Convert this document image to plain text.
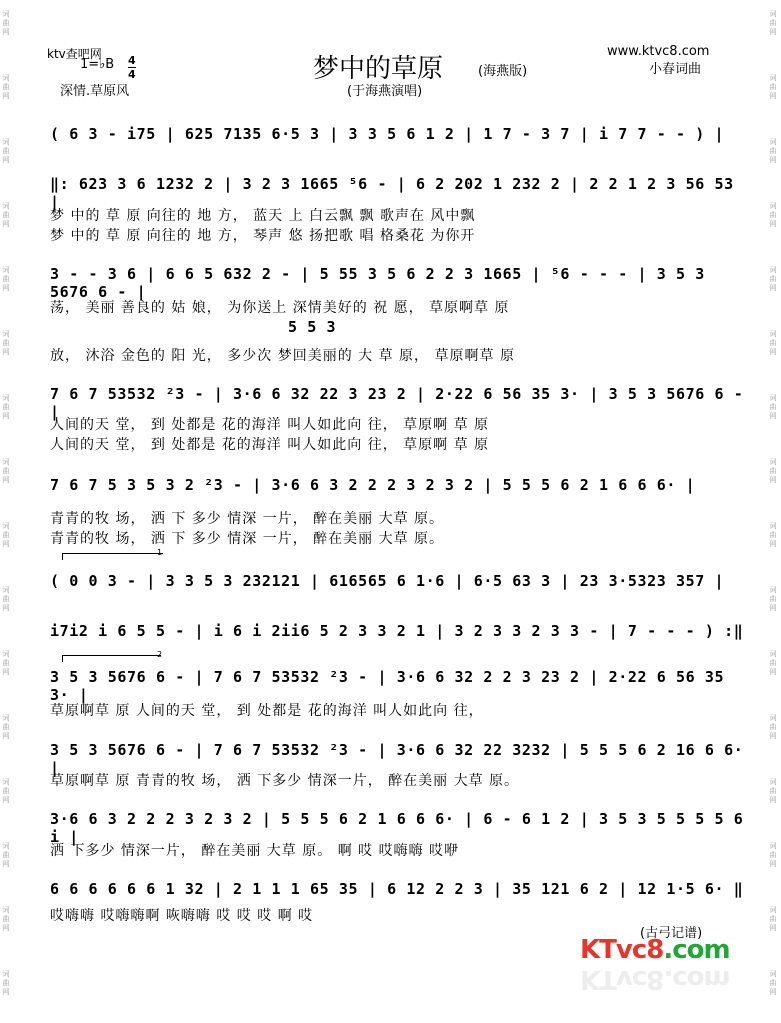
词
曲
网
词
曲
网
词
曲
网
词
曲
网
词
曲
网
词
曲
网
词
曲
网
词
曲
网
词
曲
网
词
曲
网
词
曲
网
词
曲
网
词
曲
网
词
曲
网
词
曲
网
词
曲
网
词
曲
网
词
曲
网
词
曲
网
词
曲
网
词
曲
网
词
曲
网
词
曲
网
词
曲
网
词
曲
网
词
曲
网
词
曲
网
词
曲
网
词
曲
网
词
曲
网
词
曲
网
词
曲
网
ktv查吧网
1=♭B 4
4
深情.草原风
梦中的草原	(海燕版)
(于海燕演唱)
www.ktvc8.com
小春词曲
( 6 3 - i75 | 625 7135 6·5 3 | 3 3 5 6 1 2 | 1 7 - 3 7 | i 7 7 - - ) |
‖: 623 3 6 1232 2 | 3 2 3 1665 ⁵6 - | 6 2 202 1 232 2 | 2 2 1 2 3 56 53 |
梦 中的 草 原 向往的 地 方， 蓝天 上 白云飘 飘 歌声在 风中飘
梦 中的 草 原 向往的 地 方， 琴声 悠 扬把歌 唱 格桑花 为你开
3 - - 3 6 | 6 6 5 632 2 - | 5 55 3 5 6 2 2 3 1665 | ⁵6 - - - | 3 5 3 5676 6 - |
荡， 美丽 善良的 姑 娘， 为你送上 深情美好的 祝 愿， 草原啊草 原
5 5 3
放， 沐浴 金色的 阳 光， 多少次 梦回美丽的 大 草 原， 草原啊草 原
7 6 7 53532 ²3 - | 3·6 6 32 22 3 23 2 | 2·22 6 56 35 3· | 3 5 3 5676 6 - |
人间的天 堂， 到 处都是 花的海洋 叫人如此向 往， 草原啊 草 原
人间的天 堂， 到 处都是 花的海洋 叫人如此向 往， 草原啊 草 原
7 6 7 5 3 5 3 2 ²3 - | 3·6 6 3 2 2 2 3 2 3 2 | 5 5 5 6 2 1 6 6 6· |
青青的牧 场， 洒 下 多少 情深 一片， 醉在美丽 大草 原。
青青的牧 场， 洒 下 多少 情深 一片， 醉在美丽 大草 原。
( 0 0 3 - | 3 3 5 3 232121 | 616565 6 1·6 | 6·5 63 3 | 23 3·5323 357 |
i7i2 i 6 5 5 - | i 6 i 2ii6 5 2 3 3 2 1 | 3 2 3 3 2 3 3 - | 7 - - - ) :‖
3 5 3 5676 6 - | 7 6 7 53532 ²3 - | 3·6 6 32 2 2 3 23 2 | 2·22 6 56 35 3· |
草原啊草 原 人间的天 堂， 到 处都是 花的海洋 叫人如此向 往，
3 5 3 5676 6 - | 7 6 7 53532 ²3 - | 3·6 6 32 22 3232 | 5 5 5 6 2 16 6 6· |
草原啊草 原 青青的牧 场， 洒 下多少 情深一片， 醉在美丽 大草 原。
3·6 6 3 2 2 2 3 2 3 2 | 5 5 5 6 2 1 6 6 6· | 6 - 6 1 2 | 3 5 3 5 5 5 5 6 i |
洒 下多少 情深一片， 醉在美丽 大草 原。 啊 哎 哎嗨嗨 哎咿
6 6 6 6 6 6 1 32 | 2 1 1 1 65 35 | 6 12 2 2 3 | 35 121 6 2 | 12 1·5 6· ‖
哎嗨嗨 哎嗨嗨啊 咴嗨嗨 哎 哎 哎 啊 哎
1
2
(古弓记谱)
KTvc8.com
KTvc8.com
